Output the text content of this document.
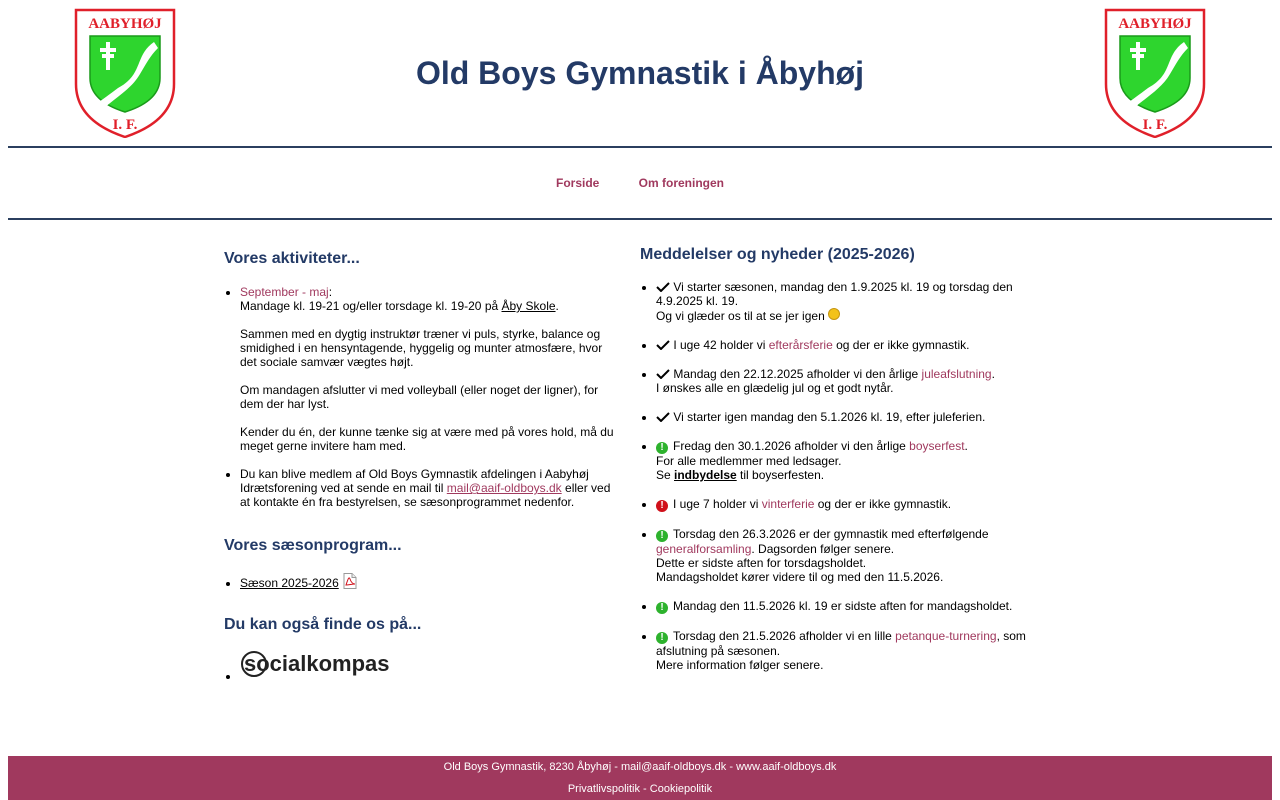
AABYHØJ
I. F.
AABYHØJ
I. F.
Old Boys Gymnastik i Åbyhøj
Forside	Om foreningen
Vores aktiviteter...
• September - maj:
Mandage kl. 19-21 og/eller torsdage kl. 19-20 på Åby Skole.

Sammen med en dygtig instruktør træner vi puls, styrke, balance og smidighed i en hensyntagende, hyggelig og munter atmosfære, hvor det sociale samvær vægtes højt.

Om mandagen afslutter vi med volleyball (eller noget der ligner), for dem der har lyst.

Kender du én, der kunne tænke sig at være med på vores hold, må du meget gerne invitere ham med.
• Du kan blive medlem af Old Boys Gymnastik afdelingen i Aabyhøj Idrætsforening ved at sende en mail til mail@aaif-oldboys.dk eller ved at kontakte én fra bestyrelsen, se sæsonprogrammet nedenfor.
Vores sæsonprogram...
• Sæson 2025-2026
Du kan også finde os på...
• socialkompas
Meddelelser og nyheder (2025-2026)
• Vi starter sæsonen, mandag den 1.9.2025 kl. 19 og torsdag den 4.9.2025 kl. 19.
Og vi glæder os til at se jer igen
• I uge 42 holder vi efterårsferie og der er ikke gymnastik.
• Mandag den 22.12.2025 afholder vi den årlige juleafslutning.
I ønskes alle en glædelig jul og et godt nytår.
• Vi starter igen mandag den 5.1.2026 kl. 19, efter juleferien.
• ! Fredag den 30.1.2026 afholder vi den årlige boyserfest.
For alle medlemmer med ledsager.
Se indbydelse til boyserfesten.
• ! I uge 7 holder vi vinterferie og der er ikke gymnastik.
• ! Torsdag den 26.3.2026 er der gymnastik med efterfølgende generalforsamling. Dagsorden følger senere.
Dette er sidste aften for torsdagsholdet.
Mandagsholdet kører videre til og med den 11.5.2026.
• ! Mandag den 11.5.2026 kl. 19 er sidste aften for mandagsholdet.
• ! Torsdag den 21.5.2026 afholder vi en lille petanque-turnering, som afslutning på sæsonen.
Mere information følger senere.
Old Boys Gymnastik, 8230 Åbyhøj - mail@aaif-oldboys.dk - www.aaif-oldboys.dk
Privatlivspolitik - Cookiepolitik
